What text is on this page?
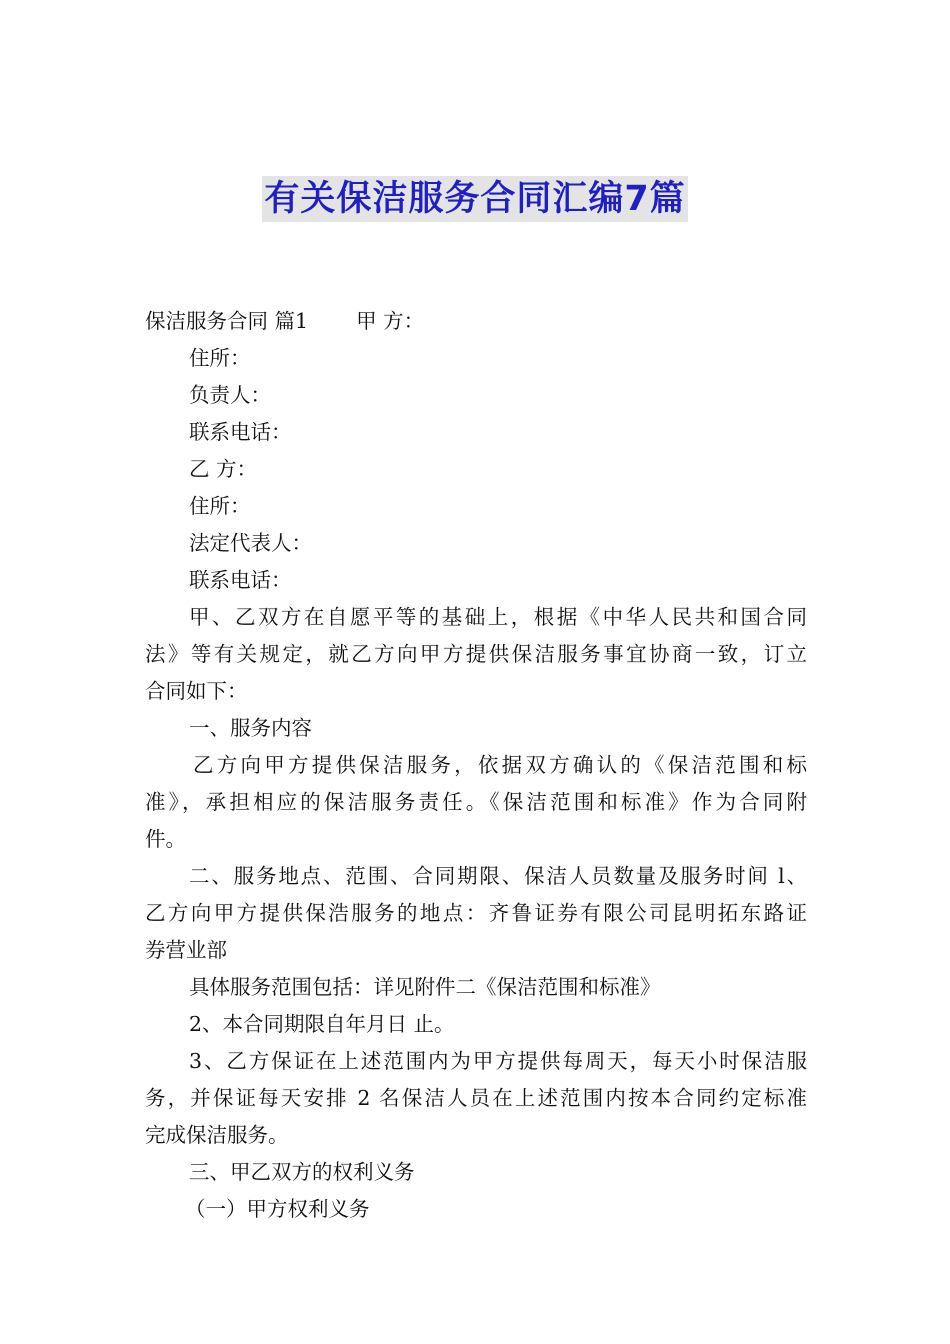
有关保洁服务合同汇编7篇
保洁服务合同 篇1 甲 方：
住所：
负责人：
联系电话：
乙 方：
住所：
法定代表人：
联系电话：
甲、乙双方在自愿平等的基础上，根据《中华人民共和国合同
法》等有关规定，就乙方向甲方提供保洁服务事宜协商一致，订立
合同如下：
一、服务内容
乙方向甲方提供保洁服务，依据双方确认的《保洁范围和标
准》，承担相应的保洁服务责任。《保洁范围和标准》作为合同附
件。
二、服务地点、范围、合同期限、保洁人员数量及服务时间 l、
乙方向甲方提供保浩服务的地点：齐鲁证券有限公司昆明拓东路证
券营业部
具体服务范围包括：详见附件二《保洁范围和标准》
2、本合同期限自年月日 止。
3、乙方保证在上述范围内为甲方提供每周天，每天小时保洁服
务，并保证每天安排 2 名保洁人员在上述范围内按本合同约定标准
完成保洁服务。
三、甲乙双方的权利义务
（一）甲方权利义务
